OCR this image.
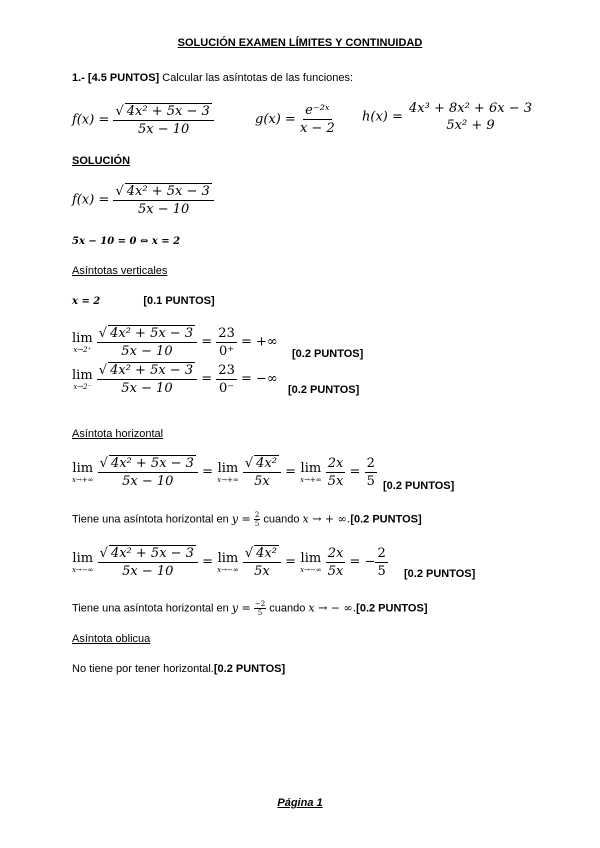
SOLUCIÓN EXAMEN LÍMITES Y CONTINUIDAD
1.- [4.5 PUNTOS] Calcular las asíntotas de las funciones:
$f(x) = \frac{\text{√ 4x² + 5x − 3}}{5x - 10}$	$g(x) = \frac{\text{e⁻²ˣ}}{x - 2} h(x)$ =
4x³ + 8x² + 6x − 3
5x² + 9
SOLUCIÓN
$f(x) = \frac{\text{√ 4x² + 5x − 3}}{5x - 10}$
5x − 10 = 0 ⇔ x = 2
Asíntotas verticales
x = 2	[0.1 PUNTOS]
lim
x→2⁺
$\frac{\text{√ 4x² + 5x − 3}}{5x - 10} = \frac{23}{0^+}$ = +∞
[0.2 PUNTOS]
lim
x→2⁻
$\frac{\text{√ 4x² + 5x − 3}}{5x - 10} = \frac{23}{0^-}$ = −∞
[0.2 PUNTOS]
Asíntota horizontal
lim
x→+∞
$\frac{\text{√ 4x² + 5x − 3}}{5x - 10} = \lim$
x→+∞
$\frac{\text{√ 4x²}}{5x} = \lim$
x→+∞
$\frac{2x}{5x} = \frac{2}{5} [0.2$ PUNTOS]
Tiene una asíntota horizontal en $y = \frac{2}{5}$ cuando x → + ∞.[0.2 PUNTOS]
lim
x→−∞
$\frac{\text{√ 4x² + 5x − 3}}{5x - 10} = \lim$
x→−∞
$\frac{\text{√ 4x²}}{5x} = \lim$
x→−∞
$\frac{2x}{5x}$ = − $\frac{2}{5} [0.2$ PUNTOS]
Tiene una asíntota horizontal en $y = \frac{-2}{5}$ cuando x → − ∞.[0.2 PUNTOS]
Asíntota oblicua
No tiene por tener horizontal.[0.2 PUNTOS]
Página 1
